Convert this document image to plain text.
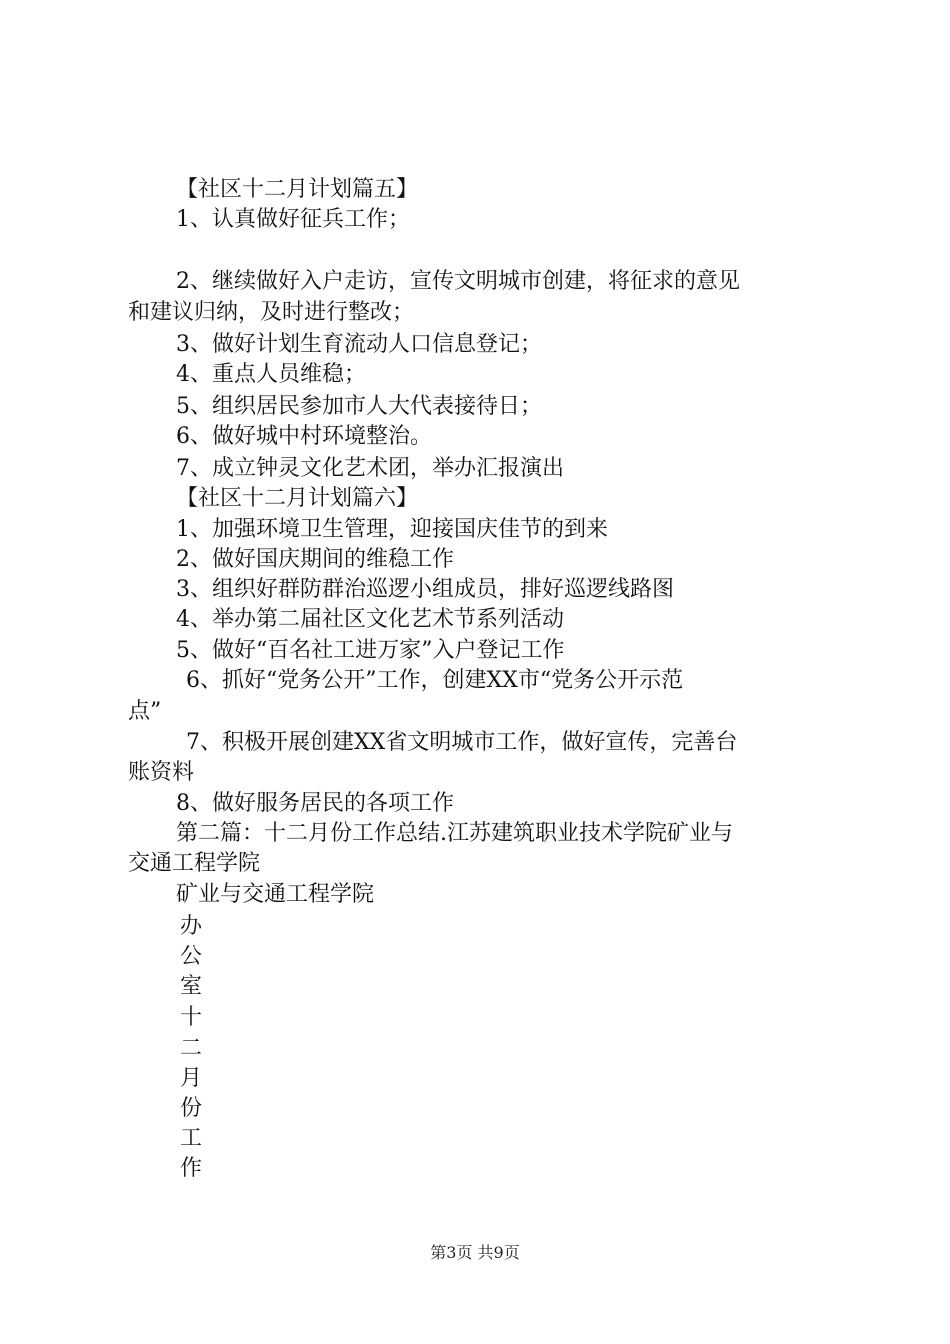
【社区十二月计划篇五】
1、认真做好征兵工作；
2、继续做好入户走访，宣传文明城市创建，将征求的意见
和建议归纳，及时进行整改；
3、做好计划生育流动人口信息登记；
4、重点人员维稳；
5、组织居民参加市人大代表接待日；
6、做好城中村环境整治。
7、成立钟灵文化艺术团，举办汇报演出
【社区十二月计划篇六】
1、加强环境卫生管理，迎接国庆佳节的到来
2、做好国庆期间的维稳工作
3、组织好群防群治巡逻小组成员，排好巡逻线路图
4、举办第二届社区文化艺术节系列活动
5、做好“百名社工进万家”入户登记工作
6、抓好“党务公开”工作，创建XX市“党务公开示范
点”
7、积极开展创建XX省文明城市工作，做好宣传，完善台
账资料
8、做好服务居民的各项工作
第二篇：十二月份工作总结.江苏建筑职业技术学院矿业与
交通工程学院
矿业与交通工程学院
办
公
室
十
二
月
份
工
作
第3页 共9页
